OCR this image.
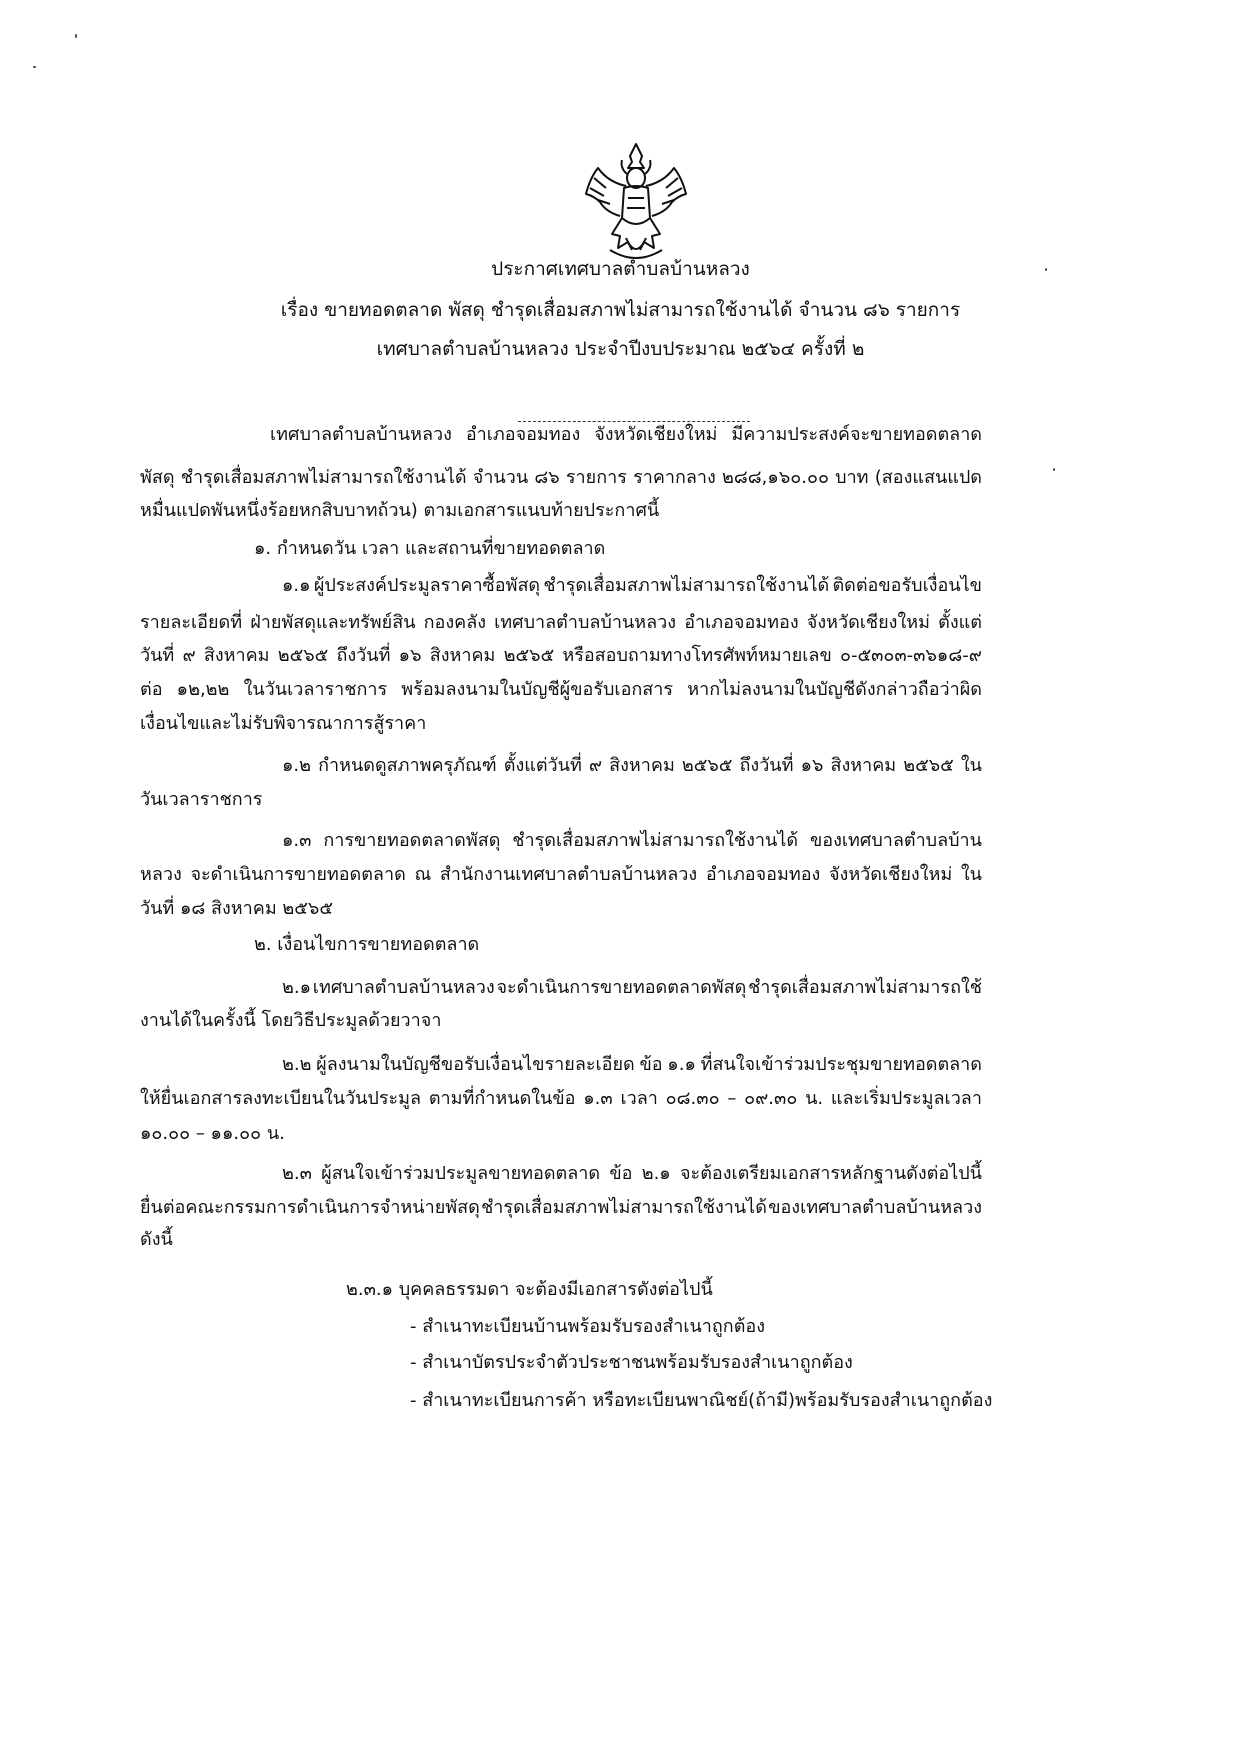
ประกาศเทศบาลตำบลบ้านหลวง
เรื่อง ขายทอดตลาด พัสดุ ชำรุดเสื่อมสภาพไม่สามารถใช้งานได้ จำนวน ๘๖ รายการ
เทศบาลตำบลบ้านหลวง ประจำปีงบประมาณ ๒๕๖๔ ครั้งที่ ๒
เทศบาลตำบลบ้านหลวง อำเภอจอมทอง จังหวัดเชียงใหม่ มีความประสงค์จะขายทอดตลาด
พัสดุ ชำรุดเสื่อมสภาพไม่สามารถใช้งานได้ จำนวน ๘๖ รายการ ราคากลาง ๒๘๘,๑๖๐.๐๐ บาท (สองแสนแปด
หมื่นแปดพันหนึ่งร้อยหกสิบบาทถ้วน) ตามเอกสารแนบท้ายประกาศนี้
๑. กำหนดวัน เวลา และสถานที่ขายทอดตลาด
๑.๑ ผู้ประสงค์ประมูลราคาซื้อพัสดุ ชำรุดเสื่อมสภาพไม่สามารถใช้งานได้ ติดต่อขอรับเงื่อนไข
รายละเอียดที่ ฝ่ายพัสดุและทรัพย์สิน กองคลัง เทศบาลตำบลบ้านหลวง อำเภอจอมทอง จังหวัดเชียงใหม่ ตั้งแต่
วันที่ ๙ สิงหาคม ๒๕๖๕ ถึงวันที่ ๑๖ สิงหาคม ๒๕๖๕ หรือสอบถามทางโทรศัพท์หมายเลข ๐-๕๓๐๓-๓๖๑๘-๙
ต่อ ๑๒,๒๒ ในวันเวลาราชการ พร้อมลงนามในบัญชีผู้ขอรับเอกสาร หากไม่ลงนามในบัญชีดังกล่าวถือว่าผิด
เงื่อนไขและไม่รับพิจารณาการสู้ราคา
๑.๒ กำหนดดูสภาพครุภัณฑ์ ตั้งแต่วันที่ ๙ สิงหาคม ๒๕๖๕ ถึงวันที่ ๑๖ สิงหาคม ๒๕๖๕ ใน
วันเวลาราชการ
๑.๓ การขายทอดตลาดพัสดุ ชำรุดเสื่อมสภาพไม่สามารถใช้งานได้ ของเทศบาลตำบลบ้าน
หลวง จะดำเนินการขายทอดตลาด ณ สำนักงานเทศบาลตำบลบ้านหลวง อำเภอจอมทอง จังหวัดเชียงใหม่ ใน
วันที่ ๑๘ สิงหาคม ๒๕๖๕
๒. เงื่อนไขการขายทอดตลาด
๒.๑ เทศบาลตำบลบ้านหลวง จะดำเนินการขายทอดตลาดพัสดุ ชำรุดเสื่อมสภาพไม่สามารถใช้
งานได้ในครั้งนี้ โดยวิธีประมูลด้วยวาจา
๒.๒ ผู้ลงนามในบัญชีขอรับเงื่อนไขรายละเอียด ข้อ ๑.๑ ที่สนใจเข้าร่วมประชุมขายทอดตลาด
ให้ยื่นเอกสารลงทะเบียนในวันประมูล ตามที่กำหนดในข้อ ๑.๓ เวลา ๐๘.๓๐ – ๐๙.๓๐ น. และเริ่มประมูลเวลา
๑๐.๐๐ – ๑๑.๐๐ น.
๒.๓ ผู้สนใจเข้าร่วมประมูลขายทอดตลาด ข้อ ๒.๑ จะต้องเตรียมเอกสารหลักฐานดังต่อไปนี้
ยื่นต่อคณะกรรมการดำเนินการจำหน่ายพัสดุ ชำรุดเสื่อมสภาพไม่สามารถใช้งานได้ ของเทศบาลตำบลบ้านหลวง
ดังนี้
๒.๓.๑ บุคคลธรรมดา จะต้องมีเอกสารดังต่อไปนี้
- สำเนาทะเบียนบ้านพร้อมรับรองสำเนาถูกต้อง
- สำเนาบัตรประจำตัวประชาชนพร้อมรับรองสำเนาถูกต้อง
- สำเนาทะเบียนการค้า หรือทะเบียนพาณิชย์(ถ้ามี)พร้อมรับรองสำเนาถูกต้อง
